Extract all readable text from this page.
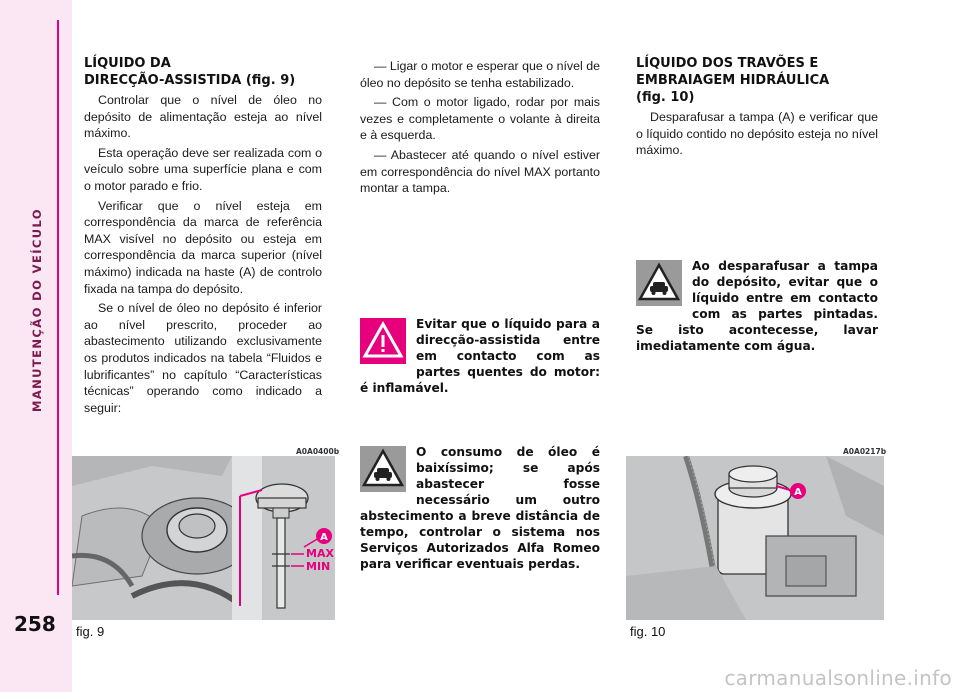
MANUTENÇÃO DO VEÍCULO
258
LÍQUIDO DA
DIRECÇÃO-ASSISTIDA (fig. 9)

Controlar que o nível de óleo no depósito de alimentação esteja ao nível máximo.

Esta operação deve ser realizada com o veículo sobre uma superfície plana e com o motor parado e frio.

Verificar que o nível esteja em correspondência da marca de referência MAX visível no depósito ou esteja em correspondência da marca superior (nível máximo) indicada na haste (A) de controlo fixada na tampa do depósito.

Se o nível de óleo no depósito é inferior ao nível prescrito, proceder ao abastecimento utilizando exclusivamente os produtos indicados na tabela “Fluidos e lubrificantes” no capítulo “Características técnicas” operando como indicado a seguir:

— Ligar o motor e esperar que o nível de óleo no depósito se tenha estabilizado.

— Com o motor ligado, rodar por mais vezes e completamente o volante à direita e à esquerda.

— Abastecer até quando o nível estiver em correspondência do nível MAX portanto montar a tampa.

Evitar que o líquido para a direcção-assistida entre em contacto com as partes quentes do motor: é inflamável.
O consumo de óleo é baixíssimo; se após abastecer fosse necessário um outro abstecimento a breve distância de tempo, controlar o sistema nos Serviços Autorizados Alfa Romeo para verificar eventuais perdas.
LÍQUIDO DOS TRAVÕES E
EMBRAIAGEM HIDRÁULICA
(fig. 10)

Desparafusar a tampa (A) e verificar que o líquido contido no depósito esteja no nível máximo.

Ao desparafusar a tampa do depósito, evitar que o líquido entre em contacto com as partes pintadas. Se isto acontecesse, lavar imediatamente com água.
A0A0400b
A
MAX
MIN
fig. 9
A0A0217b
A
fig. 10
carmanualsonline.info
